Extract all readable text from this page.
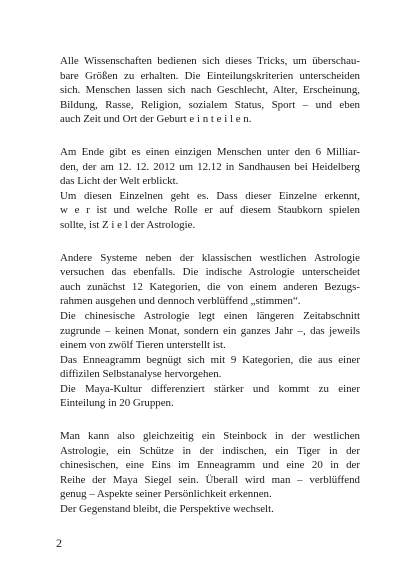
Alle Wissenschaften bedienen sich dieses Tricks, um überschau-
bare Größen zu erhalten. Die Einteilungskriterien unterscheiden
sich. Menschen lassen sich nach Geschlecht, Alter, Erscheinung,
Bildung, Rasse, Religion, sozialem Status, Sport – und eben
auch Zeit und Ort der Geburt e i n t e i l e n.
Am Ende gibt es einen einzigen Menschen unter den 6 Milliar-
den, der am 12. 12. 2012 um 12.12 in Sandhausen bei Heidelberg
das Licht der Welt erblickt.
Um diesen Einzelnen geht es. Dass dieser Einzelne erkennt,
w e r ist und welche Rolle er auf diesem Staubkorn spielen
sollte, ist Z i e l der Astrologie.
Andere Systeme neben der klassischen westlichen Astrologie
versuchen das ebenfalls. Die indische Astrologie unterscheidet
auch zunächst 12 Kategorien, die von einem anderen Bezugs-
rahmen ausgehen und dennoch verblüffend „stimmen“.
Die chinesische Astrologie legt einen längeren Zeitabschnitt
zugrunde – keinen Monat, sondern ein ganzes Jahr –, das jeweils
einem von zwölf Tieren unterstellt ist.
Das Enneagramm begnügt sich mit 9 Kategorien, die aus einer
diffizilen Selbstanalyse hervorgehen.
Die Maya-Kultur differenziert stärker und kommt zu einer
Einteilung in 20 Gruppen.
Man kann also gleichzeitig ein Steinbock in der westlichen
Astrologie, ein Schütze in der indischen, ein Tiger in der
chinesischen, eine Eins im Enneagramm und eine 20 in der
Reihe der Maya Siegel sein. Überall wird man – verblüffend
genug – Aspekte seiner Persönlichkeit erkennen.
Der Gegenstand bleibt, die Perspektive wechselt.
2
